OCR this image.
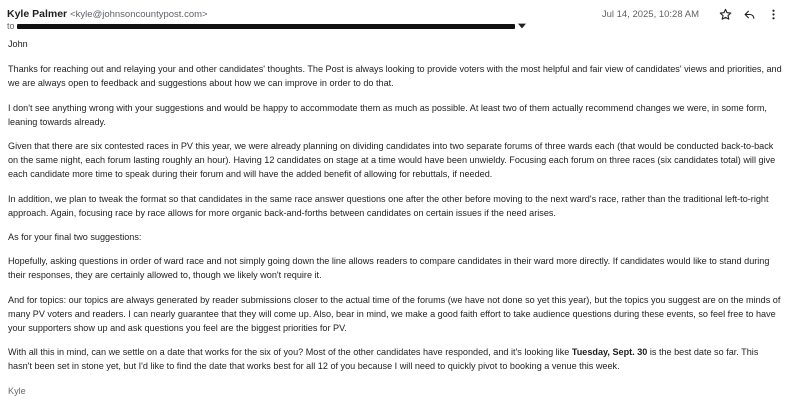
Kyle Palmer <kyle@johnsoncountypost.com>	Jul 14, 2025, 10:28 AM
to

John

Thanks for reaching out and relaying your and other candidates' thoughts. The Post is always looking to provide voters with the most helpful and fair view of candidates' views and priorities, and we are always open to feedback and suggestions about how we can improve in order to do that.

I don't see anything wrong with your suggestions and would be happy to accommodate them as much as possible. At least two of them actually recommend changes we were, in some form, leaning towards already.

Given that there are six contested races in PV this year, we were already planning on dividing candidates into two separate forums of three wards each (that would be conducted back-to-back on the same night, each forum lasting roughly an hour). Having 12 candidates on stage at a time would have been unwieldy. Focusing each forum on three races (six candidates total) will give each candidate more time to speak during their forum and will have the added benefit of allowing for rebuttals, if needed.

In addition, we plan to tweak the format so that candidates in the same race answer questions one after the other before moving to the next ward's race, rather than the traditional left-to-right approach. Again, focusing race by race allows for more organic back-and-forths between candidates on certain issues if the need arises.

As for your final two suggestions:

Hopefully, asking questions in order of ward race and not simply going down the line allows readers to compare candidates in their ward more directly. If candidates would like to stand during their responses, they are certainly allowed to, though we likely won't require it.

And for topics: our topics are always generated by reader submissions closer to the actual time of the forums (we have not done so yet this year), but the topics you suggest are on the minds of many PV voters and readers. I can nearly guarantee that they will come up. Also, bear in mind, we make a good faith effort to take audience questions during these events, so feel free to have your supporters show up and ask questions you feel are the biggest priorities for PV.

With all this in mind, can we settle on a date that works for the six of you? Most of the other candidates have responded, and it's looking like Tuesday, Sept. 30 is the best date so far. This hasn't been set in stone yet, but I'd like to find the date that works best for all 12 of you because I will need to quickly pivot to booking a venue this week.

Kyle
